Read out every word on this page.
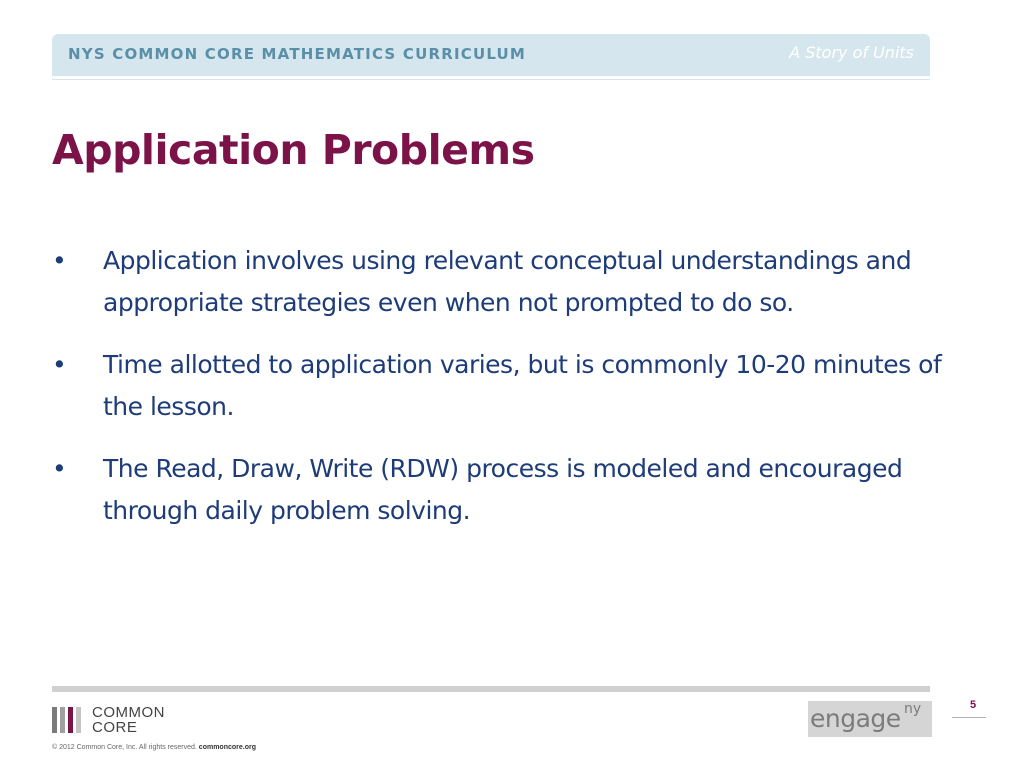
NYS COMMON CORE MATHEMATICS CURRICULUM	A Story of Units
Application Problems
• Application involves using relevant conceptual understandings and appropriate strategies even when not prompted to do so.
• Time allotted to application varies, but is commonly 10-20 minutes of the lesson.
• The Read, Draw, Write (RDW) process is modeled and encouraged through daily problem solving.
COMMON
CORE
© 2012 Common Core, Inc. All rights reserved. commoncore.org
engage ny	5
